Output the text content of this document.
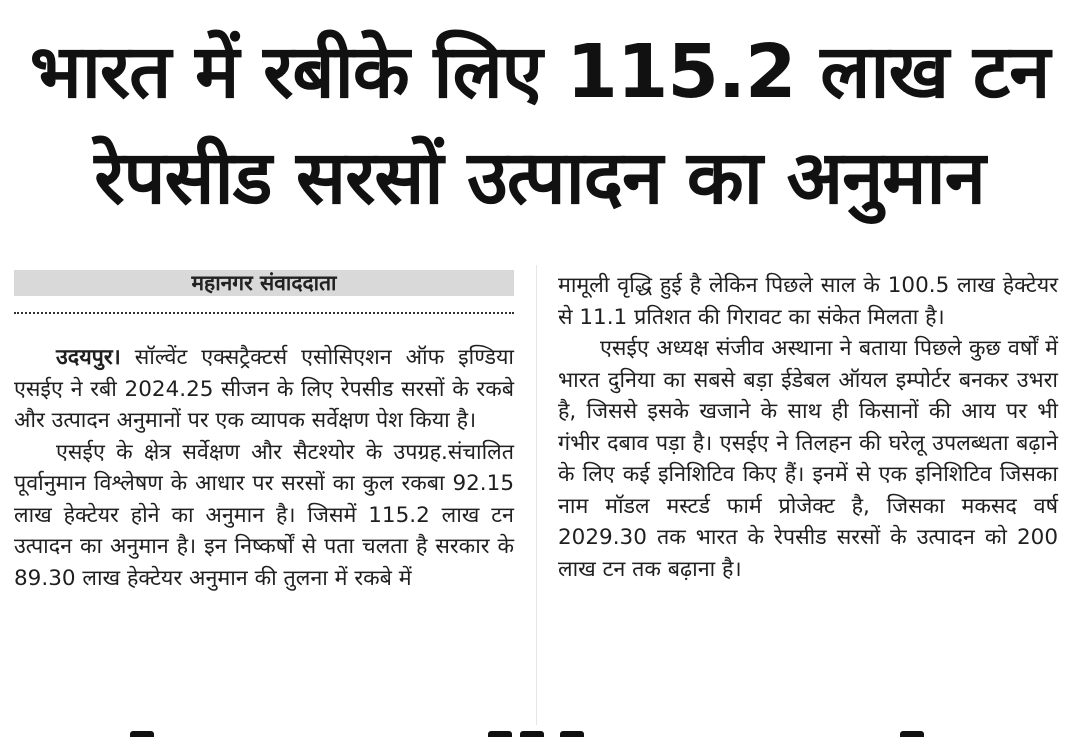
भारत में रबीके लिए 115.2 लाख टन
रेपसीड सरसों उत्पादन का अनुमान
महानगर संवाददाता

उदयपुर। सॉल्वेंट एक्सट्रैक्टर्स एसोसिएशन ऑफ इण्डिया एसईए ने रबी 2024.25 सीजन के लिए रेपसीड सरसों के रकबे और उत्पादन अनुमानों पर एक व्यापक सर्वेक्षण पेश किया है।

एसईए के क्षेत्र सर्वेक्षण और सैटश्योर के उपग्रह.संचालित पूर्वानुमान विश्लेषण के आधार पर सरसों का कुल रकबा 92.15 लाख हेक्टेयर होने का अनुमान है। जिसमें 115.2 लाख टन उत्पादन का अनुमान है। इन निष्कर्षों से पता चलता है सरकार के 89.30 लाख हेक्टेयर अनुमान की तुलना में रकबे में

मामूली वृद्धि हुई है लेकिन पिछले साल के 100.5 लाख हेक्टेयर से 11.1 प्रतिशत की गिरावट का संकेत मिलता है।

एसईए अध्यक्ष संजीव अस्थाना ने बताया पिछले कुछ वर्षों में भारत दुनिया का सबसे बड़ा ईडेबल ऑयल इम्पोर्टर बनकर उभरा है, जिससे इसके खजाने के साथ ही किसानों की आय पर भी गंभीर दबाव पड़ा है। एसईए ने तिलहन की घरेलू उपलब्धता बढ़ाने के लिए कई इनिशिटिव किए हैं। इनमें से एक इनिशिटिव जिसका नाम मॉडल मस्टर्ड फार्म प्रोजेक्ट है, जिसका मकसद वर्ष 2029.30 तक भारत के रेपसीड सरसों के उत्पादन को 200 लाख टन तक बढ़ाना है।
